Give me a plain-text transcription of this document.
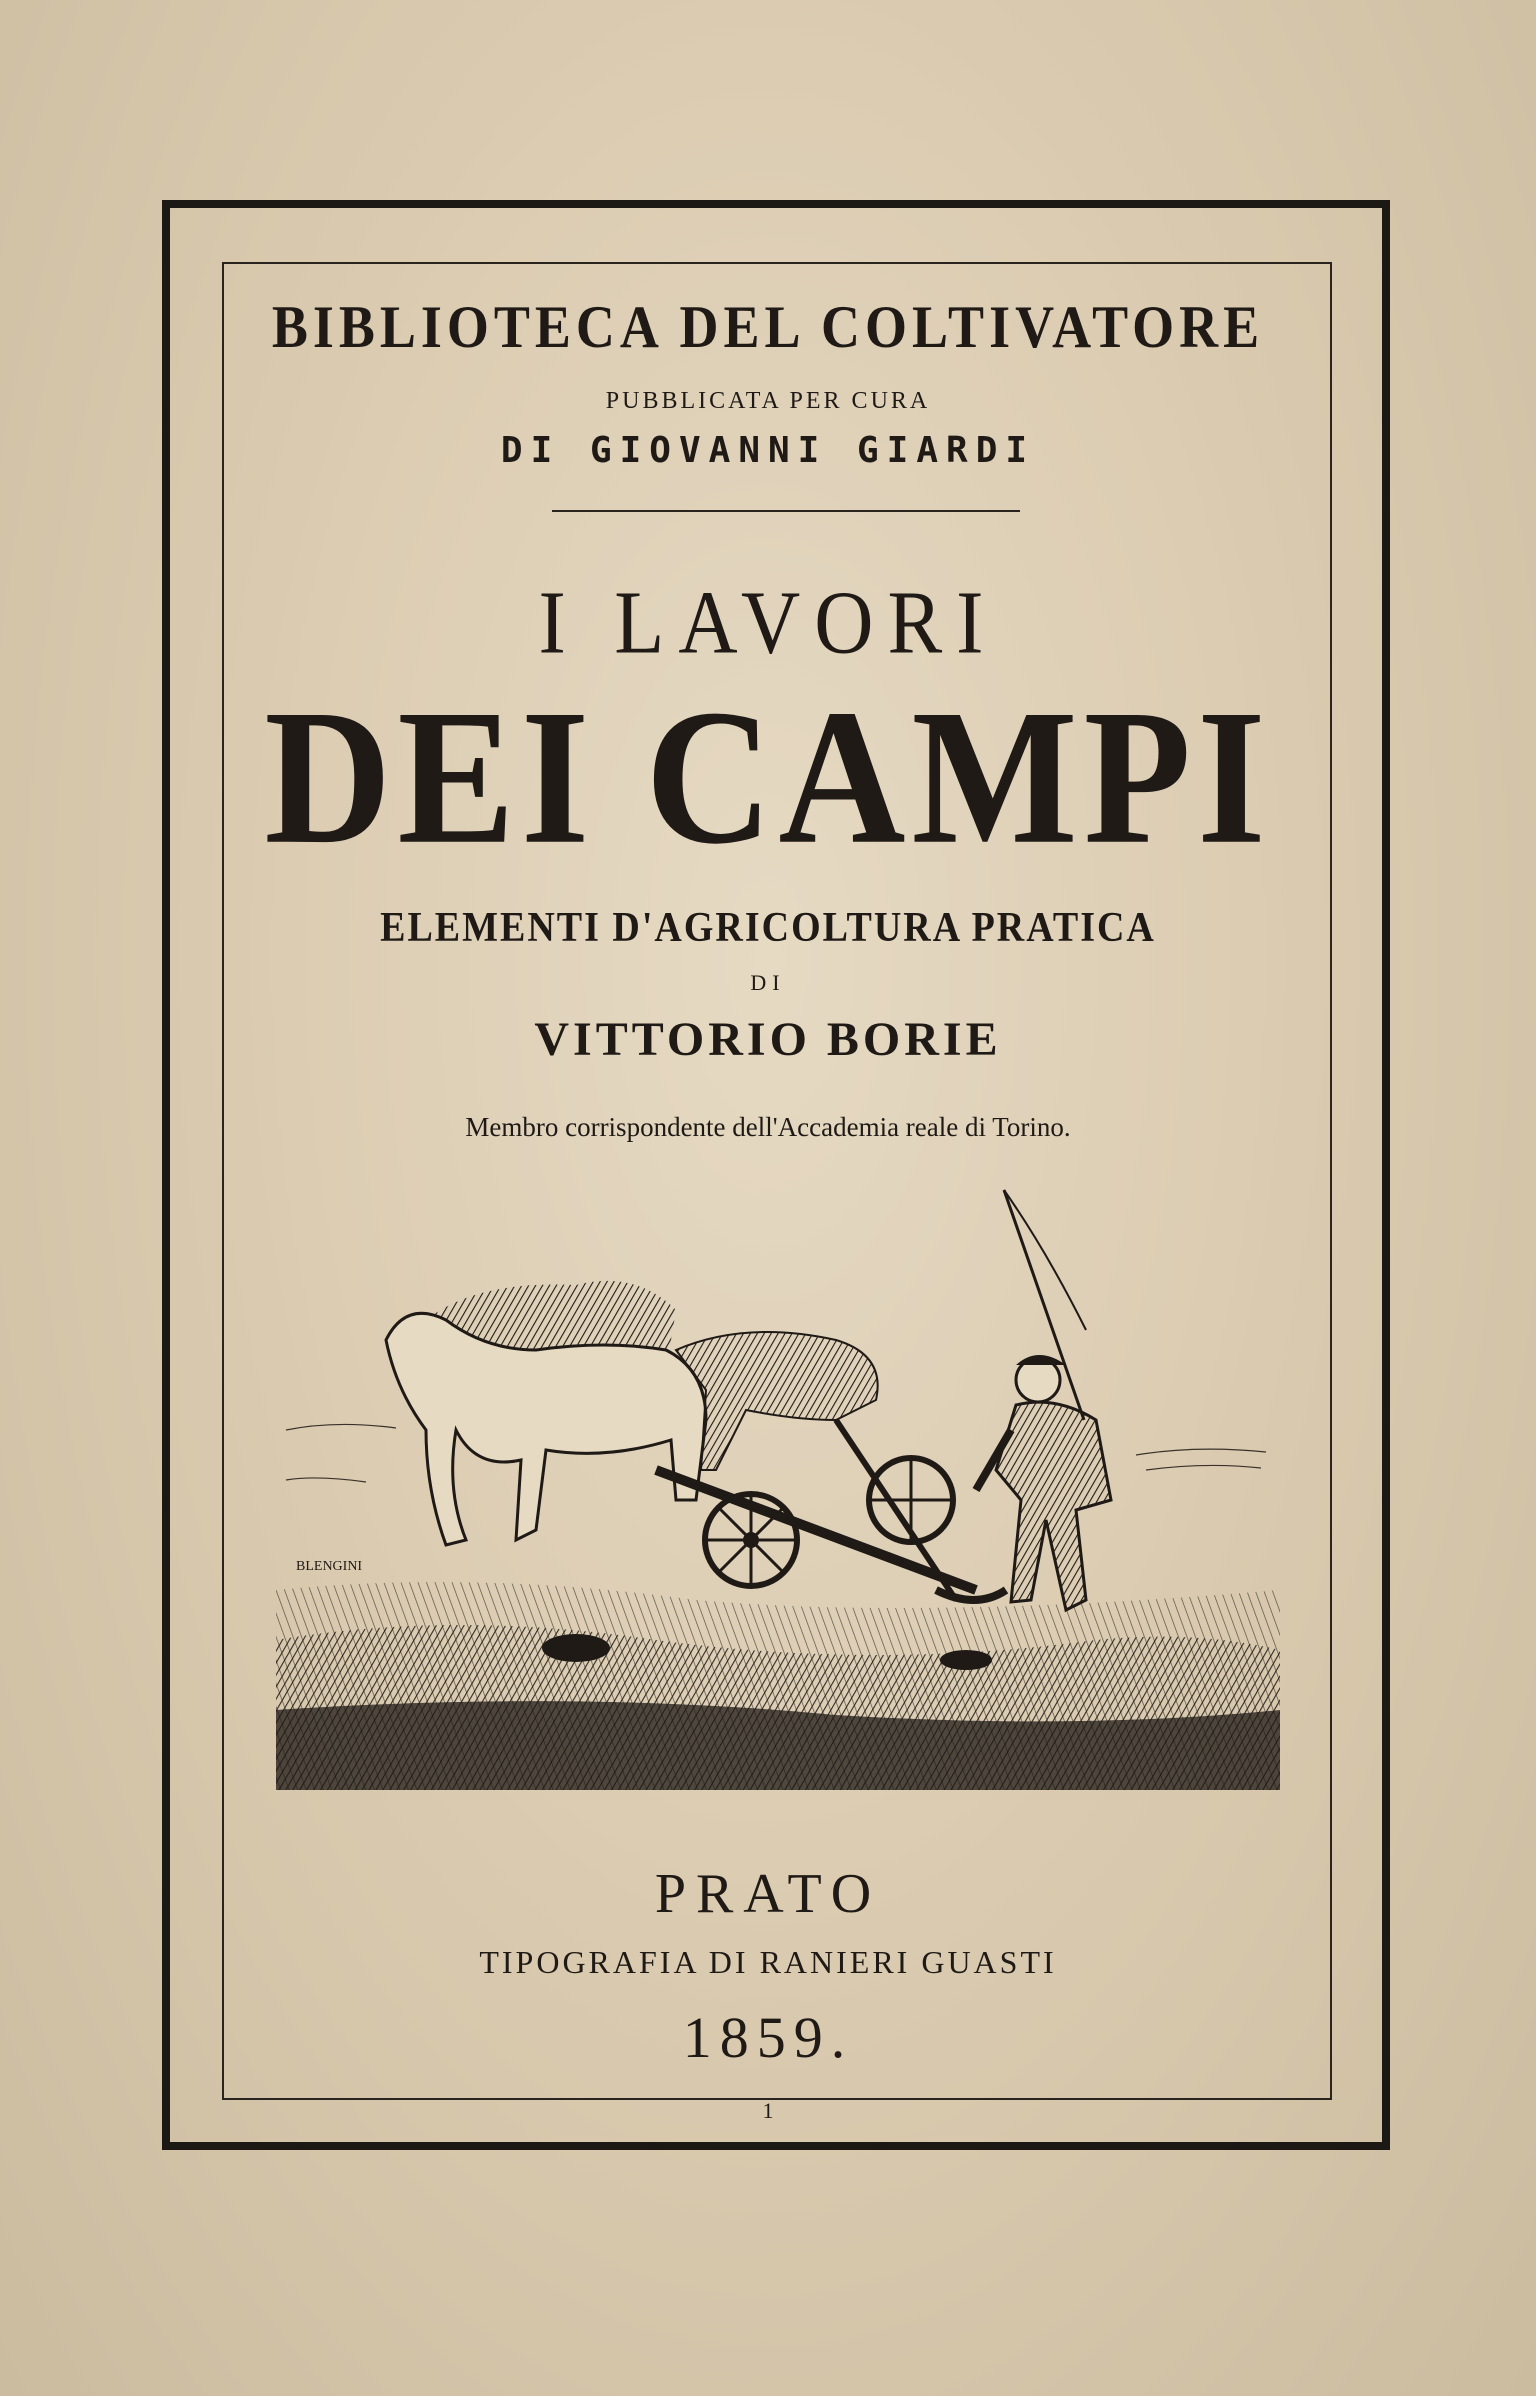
BIBLIOTECA DEL COLTIVATORE
PUBBLICATA PER CURA
DI GIOVANNI GIARDI
I LAVORI
DEI CAMPI
ELEMENTI D'AGRICOLTURA PRATICA
DI
VITTORIO BORIE
Membro corrispondente dell'Accademia reale di Torino.
BLENGINI
PRATO
TIPOGRAFIA DI RANIERI GUASTI
1859.
1
